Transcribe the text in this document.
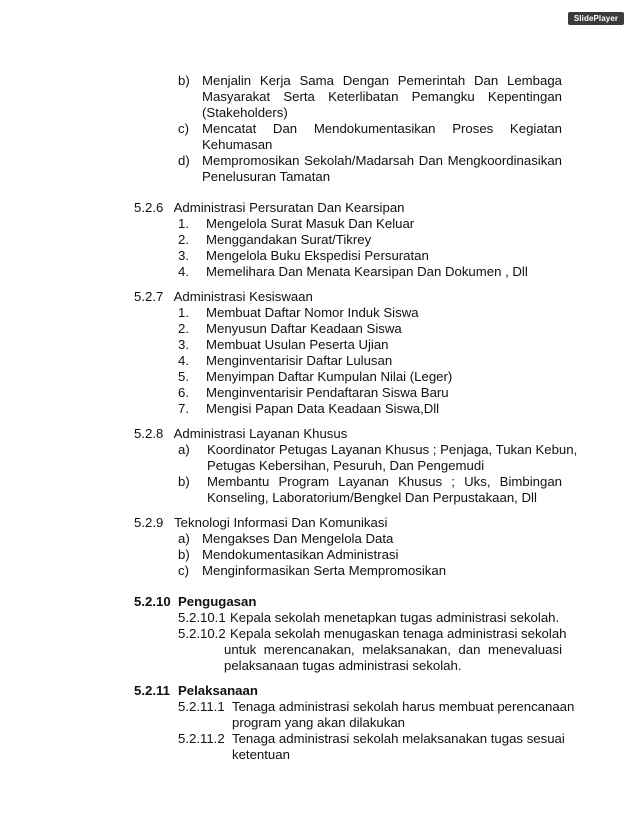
SlidePlayer
b) Menjalin Kerja Sama Dengan Pemerintah Dan Lembaga
Masyarakat Serta Keterlibatan Pemangku Kepentingan
(Stakeholders)
c) Mencatat Dan Mendokumentasikan Proses Kegiatan
Kehumasan
d) Mempromosikan Sekolah/Madarsah Dan Mengkoordinasikan
Penelusuran Tamatan
5.2.6   Administrasi Persuratan Dan Kearsipan
1.	Mengelola Surat Masuk Dan Keluar
2.	Menggandakan Surat/Tikrey
3.	Mengelola Buku Ekspedisi Persuratan
4.	Memelihara Dan Menata Kearsipan Dan Dokumen , Dll
5.2.7   Administrasi Kesiswaan
1.	Membuat Daftar Nomor Induk Siswa
2.	Menyusun Daftar Keadaan Siswa
3.	Membuat Usulan Peserta Ujian
4.	Menginventarisir Daftar Lulusan
5.	Menyimpan Daftar Kumpulan Nilai (Leger)
6.	Menginventarisir Pendaftaran Siswa Baru
7.	Mengisi Papan Data Keadaan Siswa,Dll
5.2.8   Administrasi Layanan Khusus
a)	Koordinator Petugas Layanan Khusus ; Penjaga, Tukan Kebun,
Petugas Kebersihan, Pesuruh, Dan Pengemudi
b)	Membantu Program Layanan Khusus ; Uks, Bimbingan
Konseling, Laboratorium/Bengkel Dan Perpustakaan, Dll
5.2.9   Teknologi Informasi Dan Komunikasi
a) Mengakses Dan Mengelola Data
b) Mendokumentasikan Administrasi
c) Menginformasikan Serta Mempromosikan
5.2.10 Pengugasan
5.2.10.1 Kepala sekolah menetapkan tugas administrasi sekolah.
5.2.10.2 Kepala sekolah menugaskan tenaga administrasi sekolah
untuk merencanakan, melaksanakan, dan menevaluasi
pelaksanaan tugas administrasi sekolah.
5.2.11 Pelaksanaan
5.2.11.1 Tenaga administrasi sekolah harus membuat perencanaan
program yang akan dilakukan
5.2.11.2 Tenaga administrasi sekolah melaksanakan tugas sesuai
ketentuan
